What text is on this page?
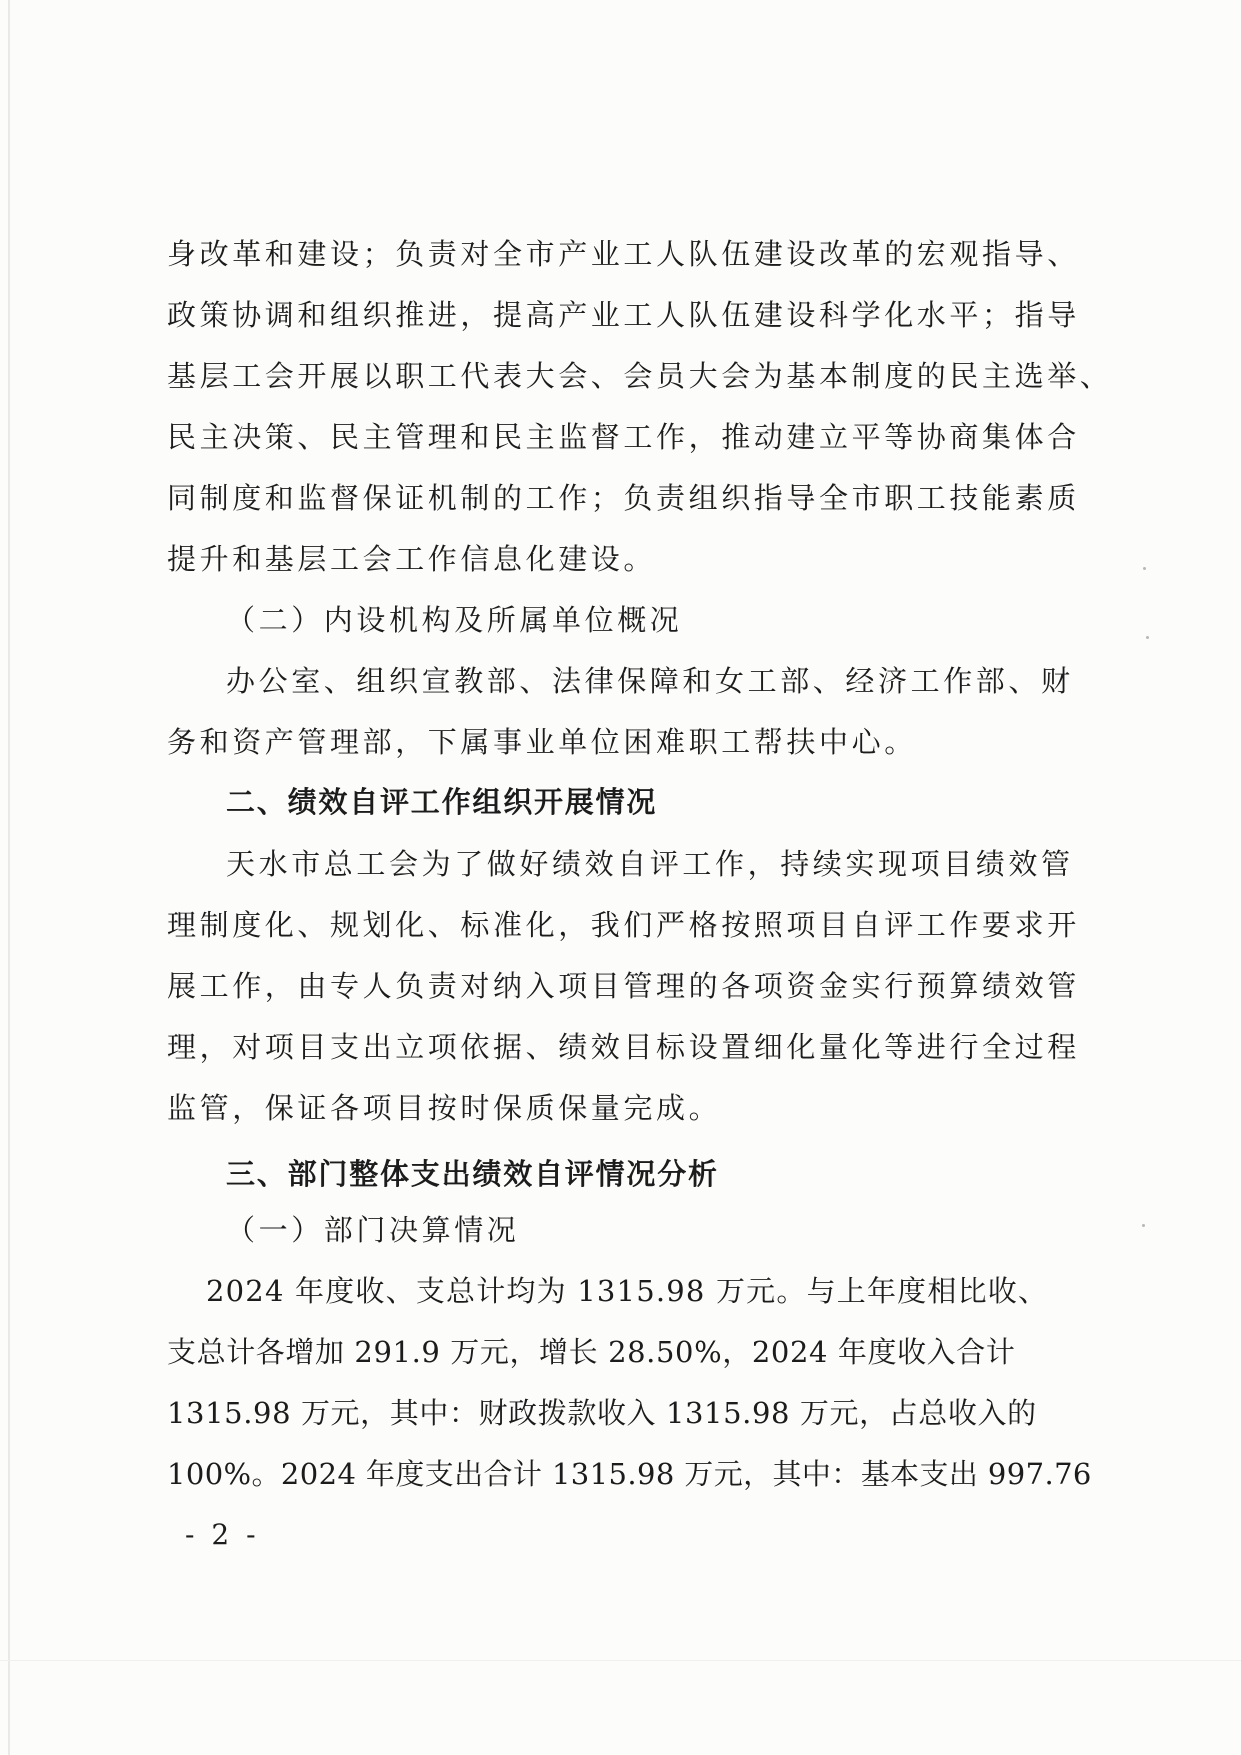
身改革和建设；负责对全市产业工人队伍建设改革的宏观指导、
政策协调和组织推进，提高产业工人队伍建设科学化水平；指导
基层工会开展以职工代表大会、会员大会为基本制度的民主选举、
民主决策、民主管理和民主监督工作，推动建立平等协商集体合
同制度和监督保证机制的工作；负责组织指导全市职工技能素质
提升和基层工会工作信息化建设。
（二）内设机构及所属单位概况
办公室、组织宣教部、法律保障和女工部、经济工作部、财
务和资产管理部，下属事业单位困难职工帮扶中心。
二、绩效自评工作组织开展情况
天水市总工会为了做好绩效自评工作，持续实现项目绩效管
理制度化、规划化、标准化，我们严格按照项目自评工作要求开
展工作，由专人负责对纳入项目管理的各项资金实行预算绩效管
理，对项目支出立项依据、绩效目标设置细化量化等进行全过程
监管，保证各项目按时保质保量完成。
三、部门整体支出绩效自评情况分析
（一）部门决算情况
2024 年度收、支总计均为 1315.98 万元。与上年度相比收、
支总计各增加 291.9 万元，增长 28.50%，2024 年度收入合计
1315.98 万元，其中：财政拨款收入 1315.98 万元，占总收入的
100%。2024 年度支出合计 1315.98 万元，其中：基本支出 997.76
- 2 -
